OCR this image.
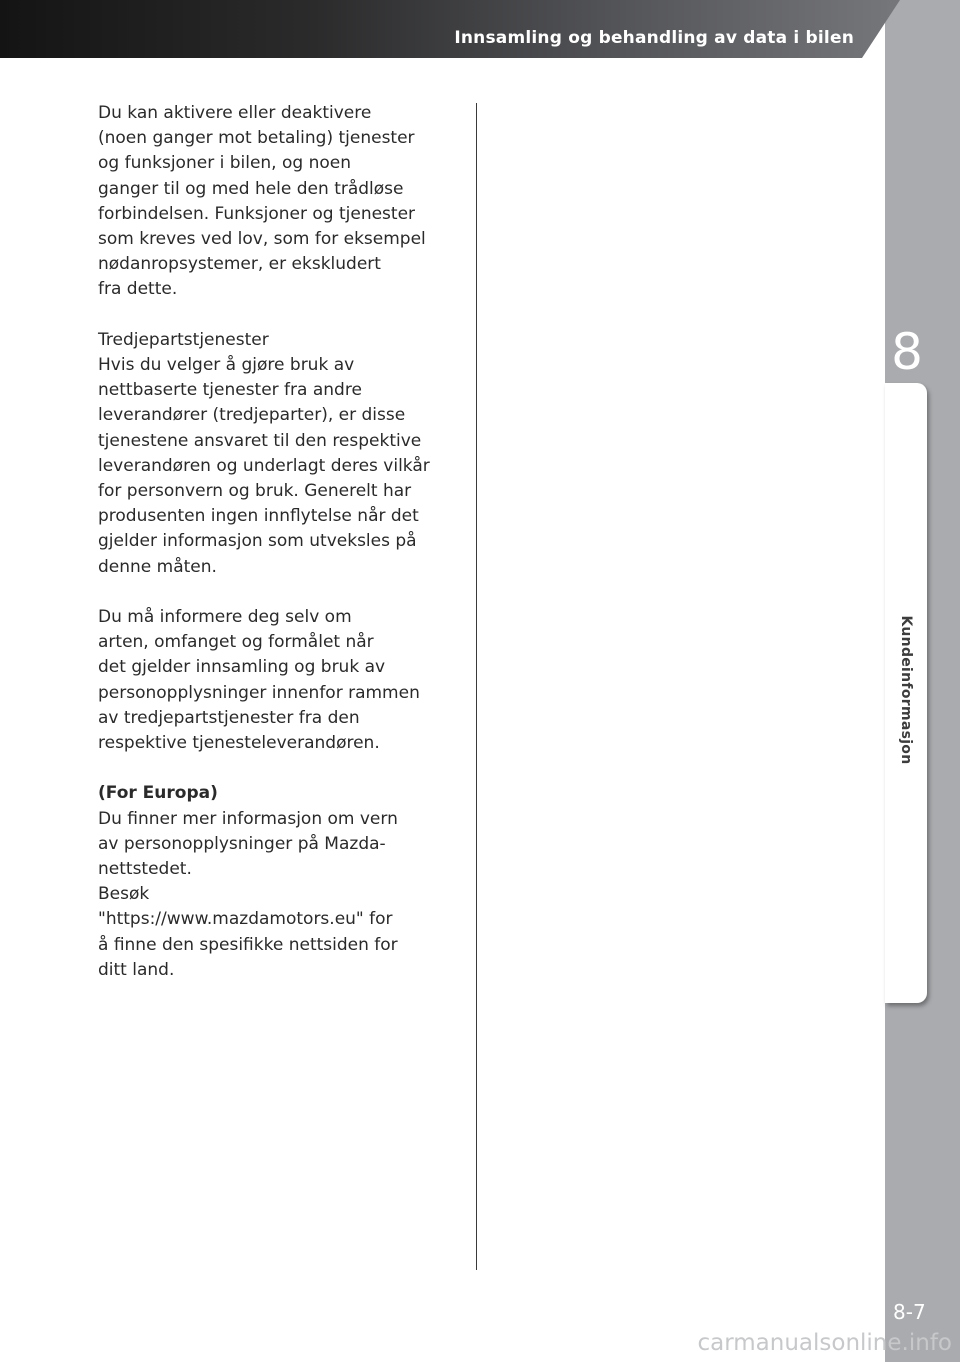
Innsamling og behandling av data i bilen
8
Kundeinformasjon

Du kan aktivere eller deaktivere
(noen ganger mot betaling) tjenester
og funksjoner i bilen, og noen
ganger til og med hele den trådløse
forbindelsen. Funksjoner og tjenester
som kreves ved lov, som for eksempel
nødanropsystemer, er ekskludert
fra dette.

Tredjepartstjenester
Hvis du velger å gjøre bruk av
nettbaserte tjenester fra andre
leverandører (tredjeparter), er disse
tjenestene ansvaret til den respektive
leverandøren og underlagt deres vilkår
for personvern og bruk. Generelt har
produsenten ingen innflytelse når det
gjelder informasjon som utveksles på
denne måten.

Du må informere deg selv om
arten, omfanget og formålet når
det gjelder innsamling og bruk av
personopplysninger innenfor rammen
av tredjepartstjenester fra den
respektive tjenesteleverandøren.

(For Europa)
Du finner mer informasjon om vern
av personopplysninger på Mazda-
nettstedet.
Besøk
"https://www.mazdamotors.eu" for
å finne den spesifikke nettsiden for
ditt land.

8-7
carmanualsonline.info
